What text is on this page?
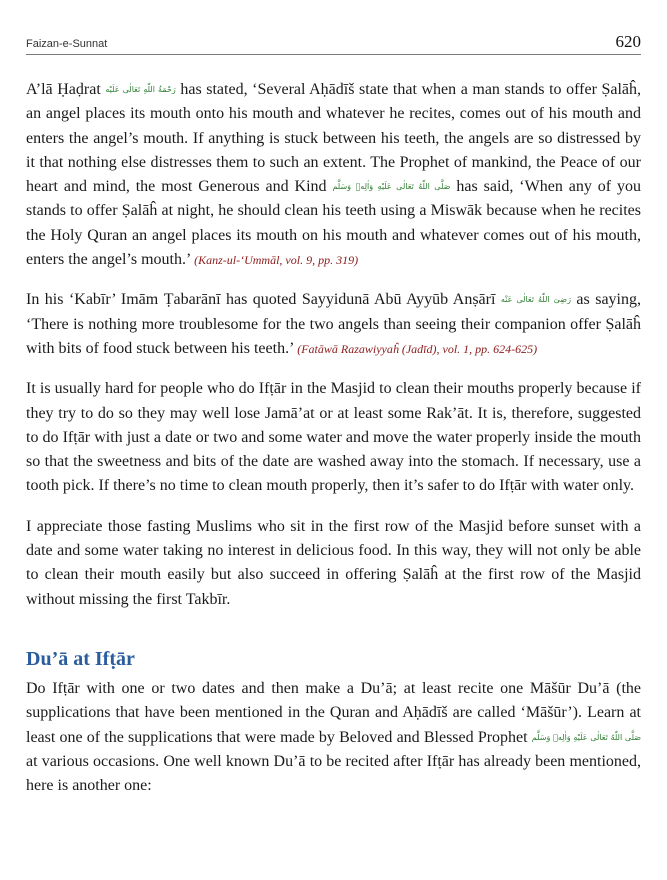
Faizan-e-Sunnat	620

A’lā Ḥaḍrat رَحْمَةُ اللّٰهِ تَعَالٰی عَلَيْه has stated, ‘Several Aḥādīš state that when a man stands to offer Ṣalāĥ, an angel places its mouth onto his mouth and whatever he recites, comes out of his mouth and enters the angel’s mouth. If anything is stuck between his teeth, the angels are so distressed by it that nothing else distresses them to such an extent. The Prophet of mankind, the Peace of our heart and mind, the most Generous and Kind صَلَّى اللّٰهُ تَعَالٰى عَلَيْهِ وَاٰلِهٖ وَسَلَّم has said, ‘When any of you stands to offer Ṣalāĥ at night, he should clean his teeth using a Miswāk because when he recites the Holy Quran an angel places its mouth on his mouth and whatever comes out of his mouth, enters the angel’s mouth.’ (Kanz-ul-‘Ummāl, vol. 9, pp. 319)

In his ‘Kabīr’ Imām Ṭabarānī has quoted Sayyidunā Abū Ayyūb Anṣārī رَضِیَ اللّٰهُ تَعَالٰی عَنْه as saying, ‘There is nothing more troublesome for the two angels than seeing their companion offer Ṣalāĥ with bits of food stuck between his teeth.’ (Fatāwā Razawiyyaĥ (Jadīd), vol. 1, pp. 624-625)

It is usually hard for people who do Ifṭār in the Masjid to clean their mouths properly because if they try to do so they may well lose Jamā’at or at least some Rak’āt. It is, therefore, suggested to do Ifṭār with just a date or two and some water and move the water properly inside the mouth so that the sweetness and bits of the date are washed away into the stomach. If necessary, use a tooth pick. If there’s no time to clean mouth properly, then it’s safer to do Ifṭār with water only.

I appreciate those fasting Muslims who sit in the first row of the Masjid before sunset with a date and some water taking no interest in delicious food. In this way, they will not only be able to clean their mouth easily but also succeed in offering Ṣalāĥ at the first row of the Masjid without missing the first Takbīr.

Du’ā at Ifṭār

Do Ifṭār with one or two dates and then make a Du’ā; at least recite one Māšūr Du’ā (the supplications that have been mentioned in the Quran and Aḥādīš are called ‘Māšūr’). Learn at least one of the supplications that were made by Beloved and Blessed Prophet صَلَّى اللّٰهُ تَعَالٰى عَلَيْهِ وَاٰلِهٖ وَسَلَّم at various occasions. One well known Du’ā to be recited after Ifṭār has already been mentioned, here is another one:
